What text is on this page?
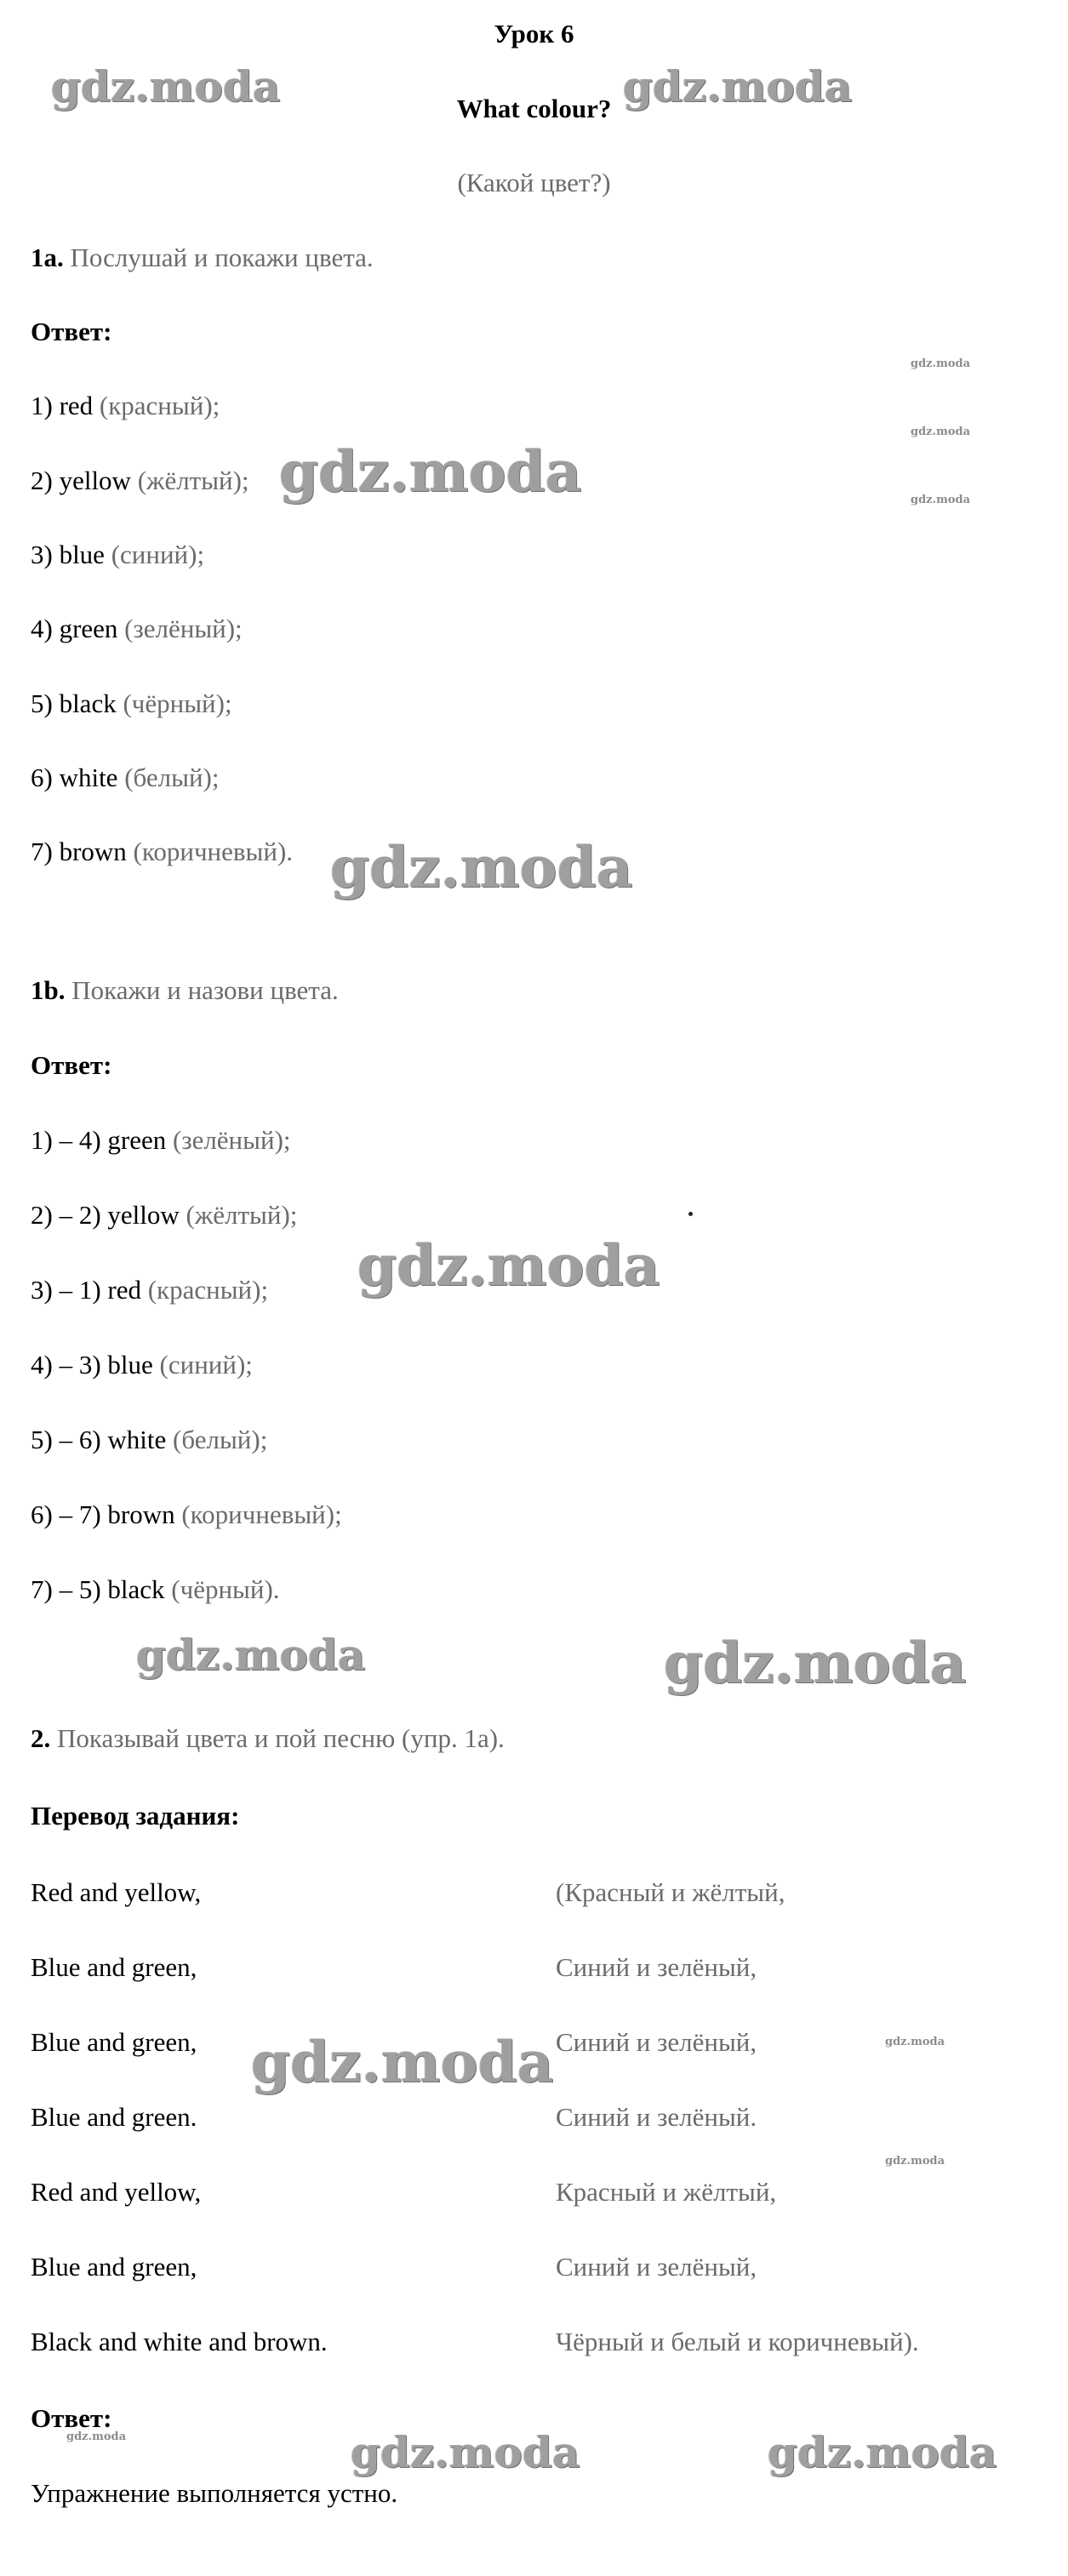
Урок 6
What colour?
(Какой цвет?)
1a. Послушай и покажи цвета.
Ответ:
1) red (красный);
2) yellow (жёлтый);
3) blue (синий);
4) green (зелёный);
5) black (чёрный);
6) white (белый);
7) brown (коричневый).
1b. Покажи и назови цвета.
Ответ:
1) – 4) green (зелёный);
2) – 2) yellow (жёлтый);
3) – 1) red (красный);
4) – 3) blue (синий);
5) – 6) white (белый);
6) – 7) brown (коричневый);
7) – 5) black (чёрный).
2. Показывай цвета и пой песню (упр. 1a).
Перевод задания:
Red and yellow,	(Красный и жёлтый,
Blue and green,	Синий и зелёный,
Blue and green,	Синий и зелёный,
Blue and green.	Синий и зелёный.
Red and yellow,	Красный и жёлтый,
Blue and green,	Синий и зелёный,
Black and white and brown.	Чёрный и белый и коричневый).
Ответ:
Упражнение выполняется устно.
gdz.moda	gdz.moda
gdz.moda
gdz.moda
gdz.moda
gdz.moda
gdz.moda
gdz.moda
gdz.moda	gdz.moda
gdz.moda	gdz.moda
gdz.moda
gdz.moda	gdz.moda	gdz.moda
